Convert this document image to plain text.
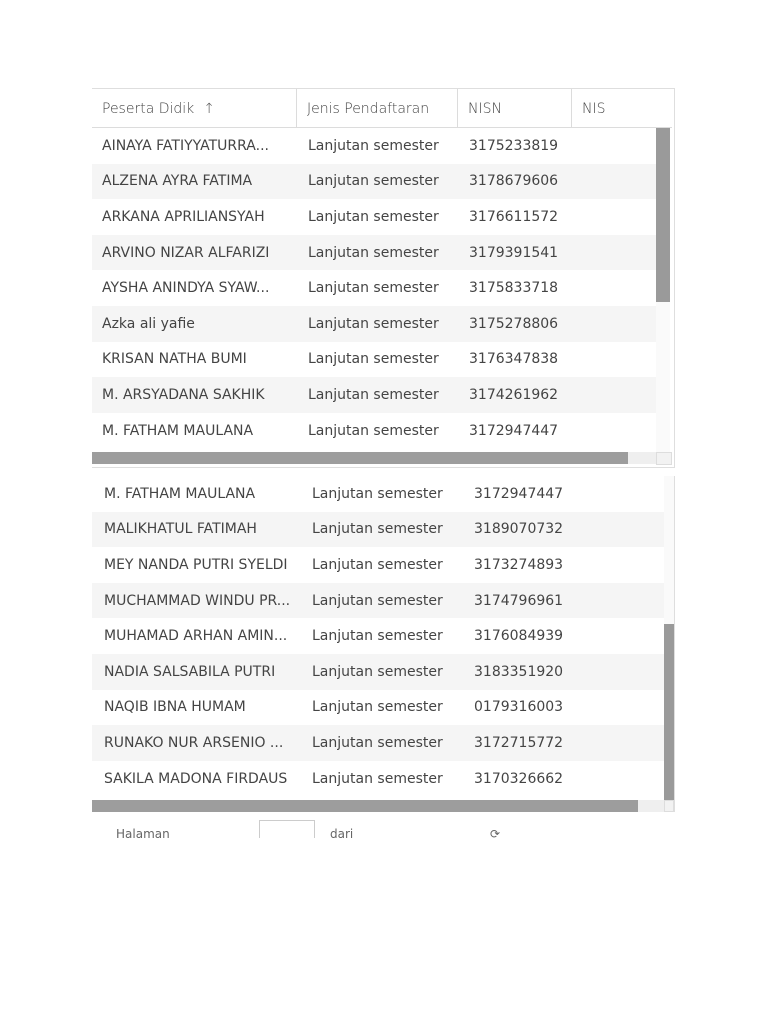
Peserta Didik ↑	Jenis Pendaftaran	NISN	NIS
AINAYA FATIYYATURRA...	Lanjutan semester	3175233819
ALZENA AYRA FATIMA	Lanjutan semester	3178679606
ARKANA APRILIANSYAH	Lanjutan semester	3176611572
ARVINO NIZAR ALFARIZI	Lanjutan semester	3179391541
AYSHA ANINDYA SYAW...	Lanjutan semester	3175833718
Azka ali yafie	Lanjutan semester	3175278806
KRISAN NATHA BUMI	Lanjutan semester	3176347838
M. ARSYADANA SAKHIK	Lanjutan semester	3174261962
M. FATHAM MAULANA	Lanjutan semester	3172947447
M. FATHAM MAULANA	Lanjutan semester	3172947447
MALIKHATUL FATIMAH	Lanjutan semester	3189070732
MEY NANDA PUTRI SYELDI	Lanjutan semester	3173274893
MUCHAMMAD WINDU PR...	Lanjutan semester	3174796961
MUHAMAD ARHAN AMIN...	Lanjutan semester	3176084939
NADIA SALSABILA PUTRI	Lanjutan semester	3183351920
NAQIB IBNA HUMAM	Lanjutan semester	0179316003
RUNAKO NUR ARSENIO ...	Lanjutan semester	3172715772
SAKILA MADONA FIRDAUS	Lanjutan semester	3170326662
Halaman	dari	⟳
